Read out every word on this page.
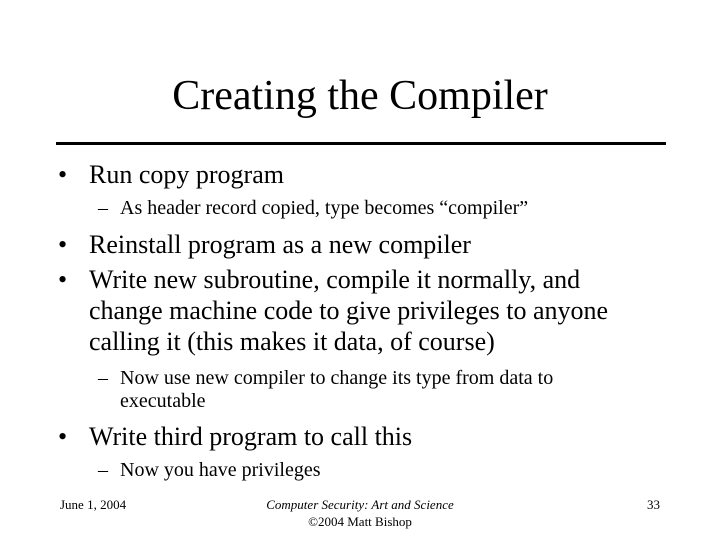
Creating the Compiler
• Run copy program
– As header record copied, type becomes “compiler”
• Reinstall program as a new compiler
• Write new subroutine, compile it normally, and
change machine code to give privileges to anyone
calling it (this makes it data, of course)
– Now use new compiler to change its type from data to
executable
• Write third program to call this
– Now you have privileges
June 1, 2004	Computer Security: Art and Science
©2004 Matt Bishop
33
